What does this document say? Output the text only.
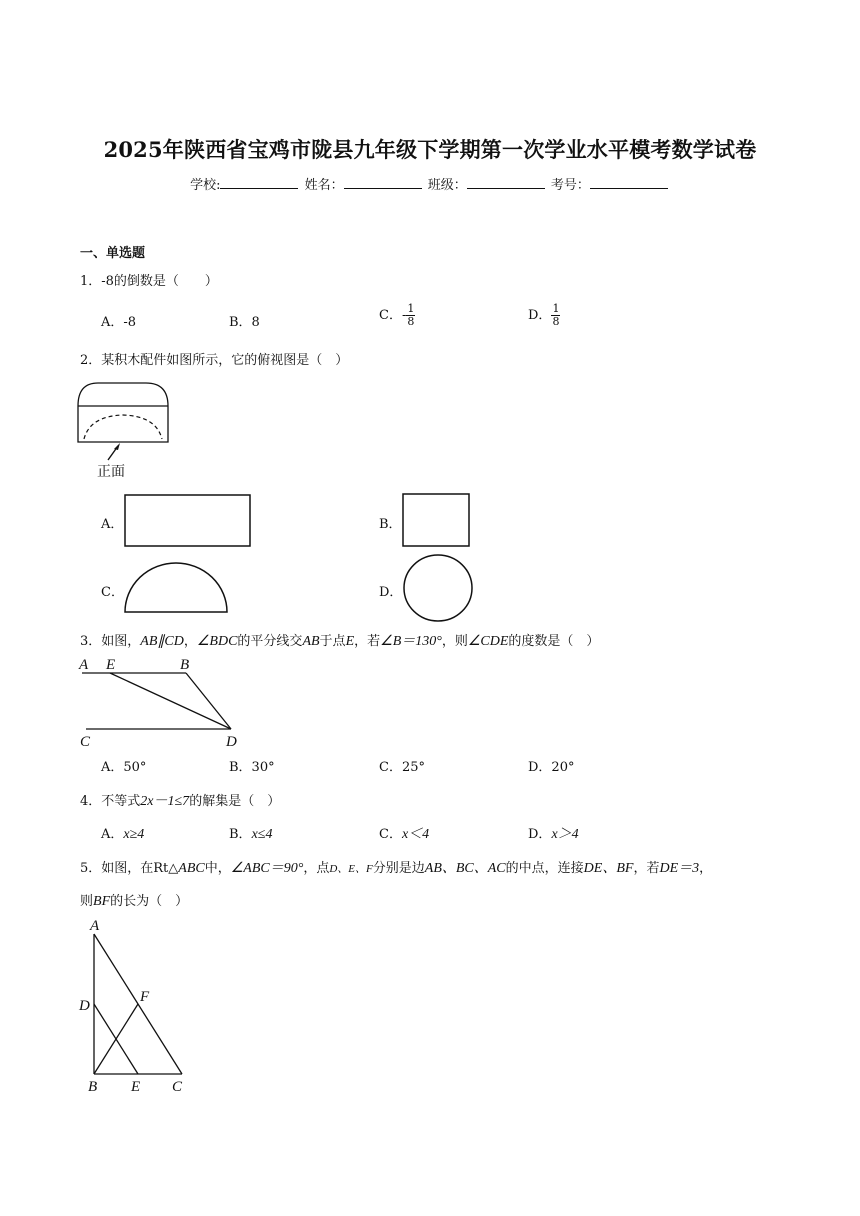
2025年陕西省宝鸡市陇县九年级下学期第一次学业水平模考数学试卷
学校:	姓名：	班级：	考号：
一、单选题
1．-8的倒数是（　　）
A．-8	B．8	C．- $\frac{1}{8}$	D． $\frac{1}{8}$
2．某积木配件如图所示，它的俯视图是（　）
正面
A．	B．
C．	D．
3．如图，AB∥CD，∠BDC的平分线交AB于点E，若∠B＝130°，则∠CDE的度数是（　）
A E	B
C	D
A．50°	B．30°	C．25°	D．20°
4．不等式2x－1≤7的解集是（　）
A．x≥4	B．x≤4	C．x＜4	D．x＞4
5．如图，在Rt△ABC中，∠ABC＝90°，点D、E、F分别是边AB、BC、AC的中点，连接DE、BF，若DE＝3，
则BF的长为（　）
A
D
F
B E C
